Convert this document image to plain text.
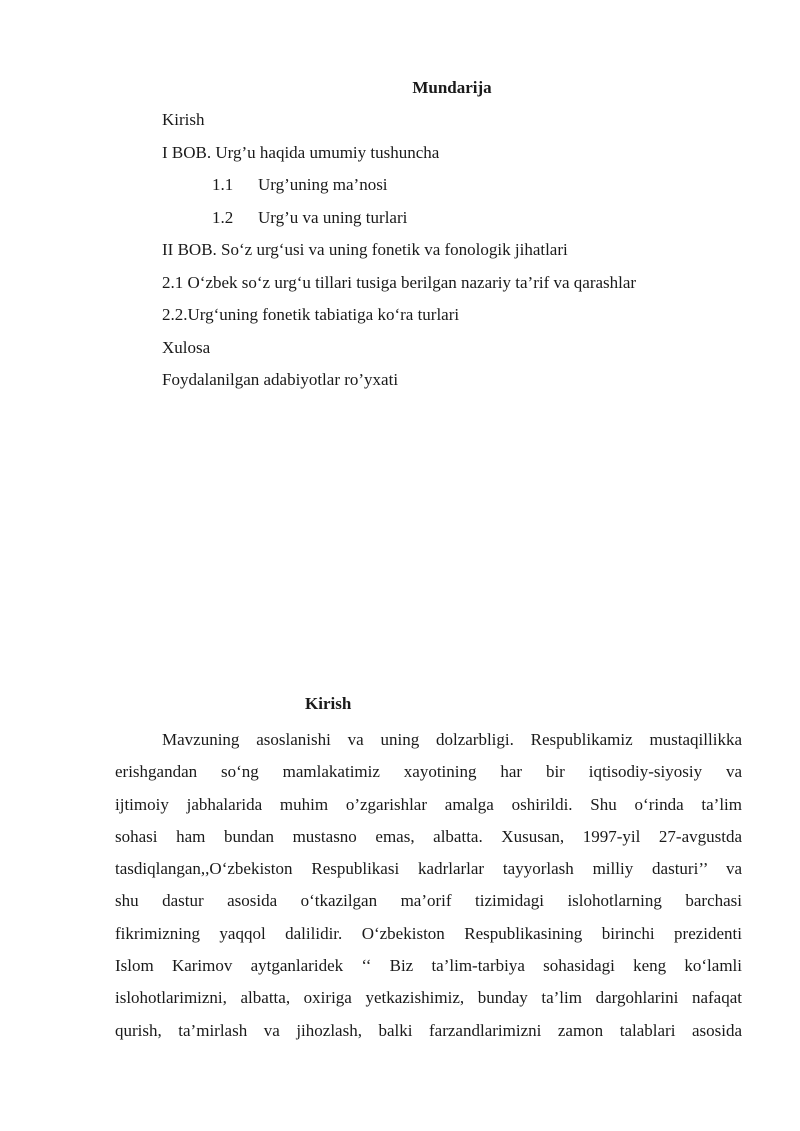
Mundarija
Kirish
I BOB. Urg’u haqida umumiy tushuncha
1.1 Urg’uning ma’nosi
1.2 Urg’u va uning turlari
II BOB. So‘z urg‘usi va uning fonetik va fonologik jihatlari
2.1 O‘zbek so‘z urg‘u tillari tusiga berilgan nazariy ta’rif va qarashlar
2.2.Urg‘uning fonetik tabiatiga ko‘ra turlari
Xulosa
Foydalanilgan adabiyotlar ro’yxati
Kirish
Mavzuning asoslanishi va uning dolzarbligi. Respublikamiz mustaqillikka
erishgandan so‘ng mamlakatimiz xayotining har bir iqtisodiy-siyosiy va
ijtimoiy jabhalarida muhim o’zgarishlar amalga oshirildi. Shu o‘rinda ta’lim
sohasi ham bundan mustasno emas, albatta. Xususan, 1997-yil 27-avgustda
tasdiqlangan,,O‘zbekiston Respublikasi kadrlarlar tayyorlash milliy dasturi’’ va
shu dastur asosida o‘tkazilgan ma’orif tizimidagi islohotlarning barchasi
fikrimizning yaqqol dalilidir. O‘zbekiston Respublikasining birinchi prezidenti
Islom Karimov aytganlaridek ‘‘ Biz ta’lim-tarbiya sohasidagi keng ko‘lamli
islohotlarimizni, albatta, oxiriga yetkazishimiz, bunday ta’lim dargohlarini nafaqat
qurish, ta’mirlash va jihozlash, balki farzandlarimizni zamon talablari asosida
